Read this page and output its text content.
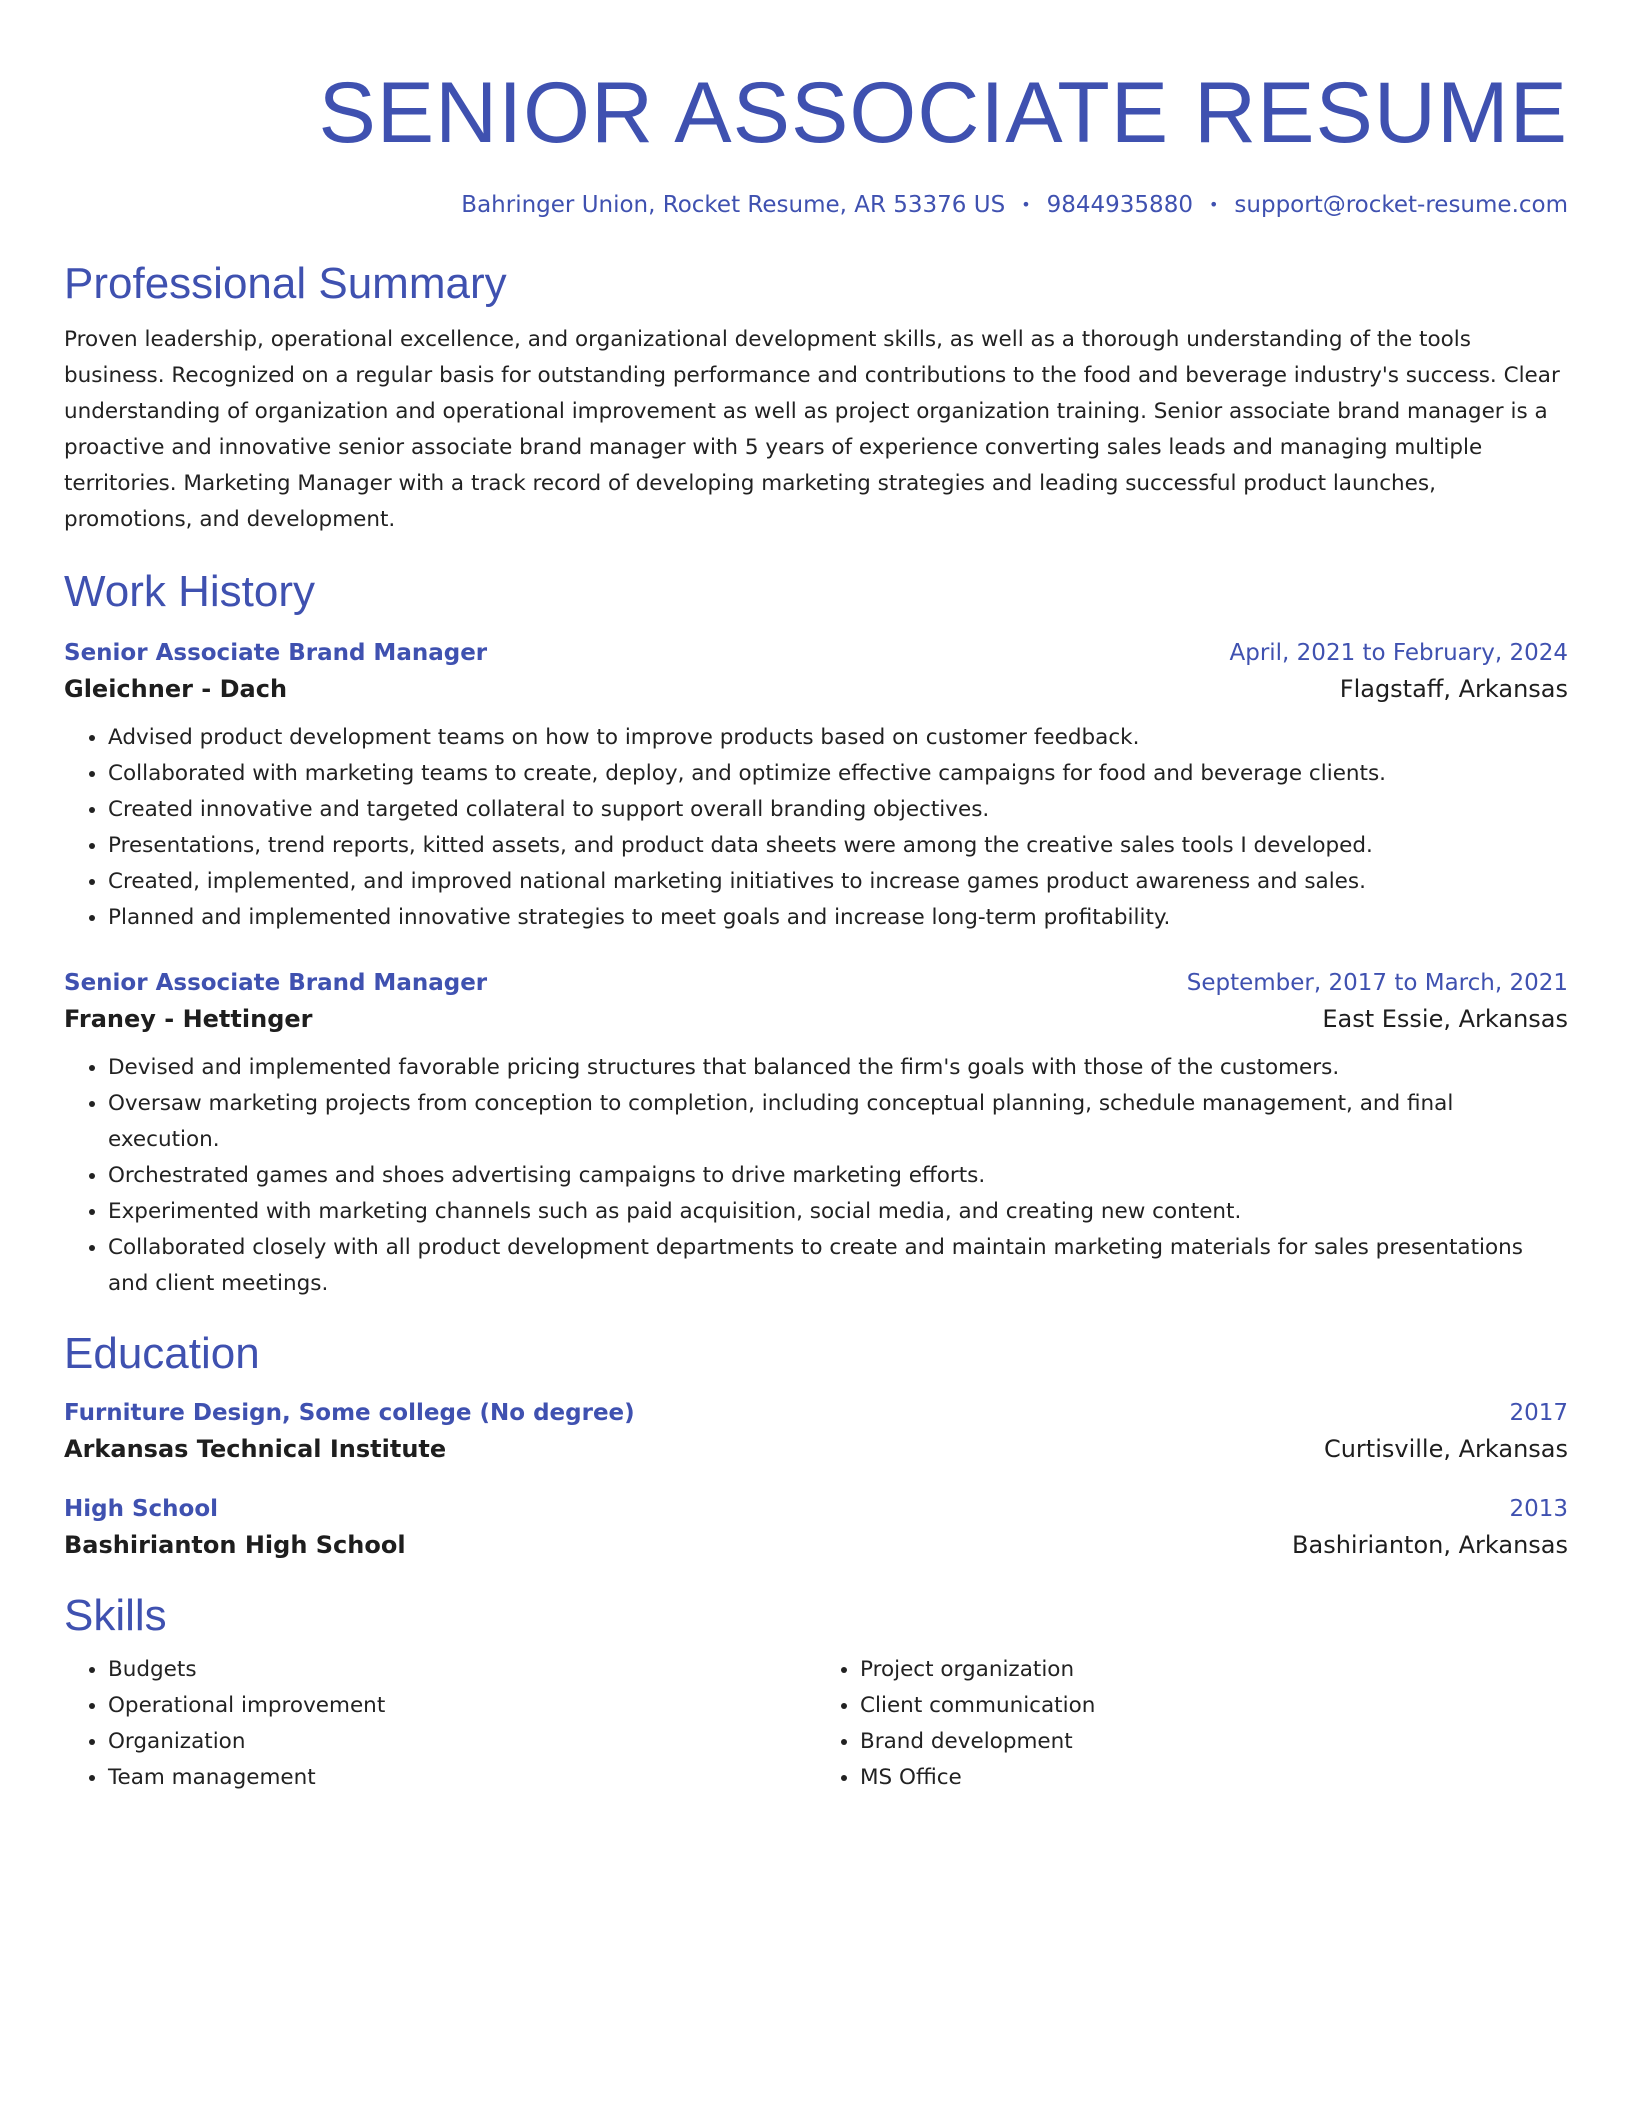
SENIOR ASSOCIATE RESUME
Bahringer Union, Rocket Resume, AR 53376 US • 9844935880 • support@rocket-resume.com
Professional Summary
Proven leadership, operational excellence, and organizational development skills, as well as a thorough understanding of the tools business. Recognized on a regular basis for outstanding performance and contributions to the food and beverage industry's success. Clear understanding of organization and operational improvement as well as project organization training. Senior associate brand manager is a proactive and innovative senior associate brand manager with 5 years of experience converting sales leads and managing multiple territories. Marketing Manager with a track record of developing marketing strategies and leading successful product launches, promotions, and development.
Work History
Senior Associate Brand Manager	April, 2021 to February, 2024
Gleichner - Dach	Flagstaff, Arkansas
• Advised product development teams on how to improve products based on customer feedback.
• Collaborated with marketing teams to create, deploy, and optimize effective campaigns for food and beverage clients.
• Created innovative and targeted collateral to support overall branding objectives.
• Presentations, trend reports, kitted assets, and product data sheets were among the creative sales tools I developed.
• Created, implemented, and improved national marketing initiatives to increase games product awareness and sales.
• Planned and implemented innovative strategies to meet goals and increase long-term profitability.
Senior Associate Brand Manager	September, 2017 to March, 2021
Franey - Hettinger	East Essie, Arkansas
• Devised and implemented favorable pricing structures that balanced the firm's goals with those of the customers.
• Oversaw marketing projects from conception to completion, including conceptual planning, schedule management, and final execution.
• Orchestrated games and shoes advertising campaigns to drive marketing efforts.
• Experimented with marketing channels such as paid acquisition, social media, and creating new content.
• Collaborated closely with all product development departments to create and maintain marketing materials for sales presentations and client meetings.
Education
Furniture Design, Some college (No degree)	2017
Arkansas Technical Institute	Curtisville, Arkansas
High School	2013
Bashirianton High School	Bashirianton, Arkansas
Skills
• Budgets
• Operational improvement
• Organization
• Team management
• Project organization
• Client communication
• Brand development
• MS Office
